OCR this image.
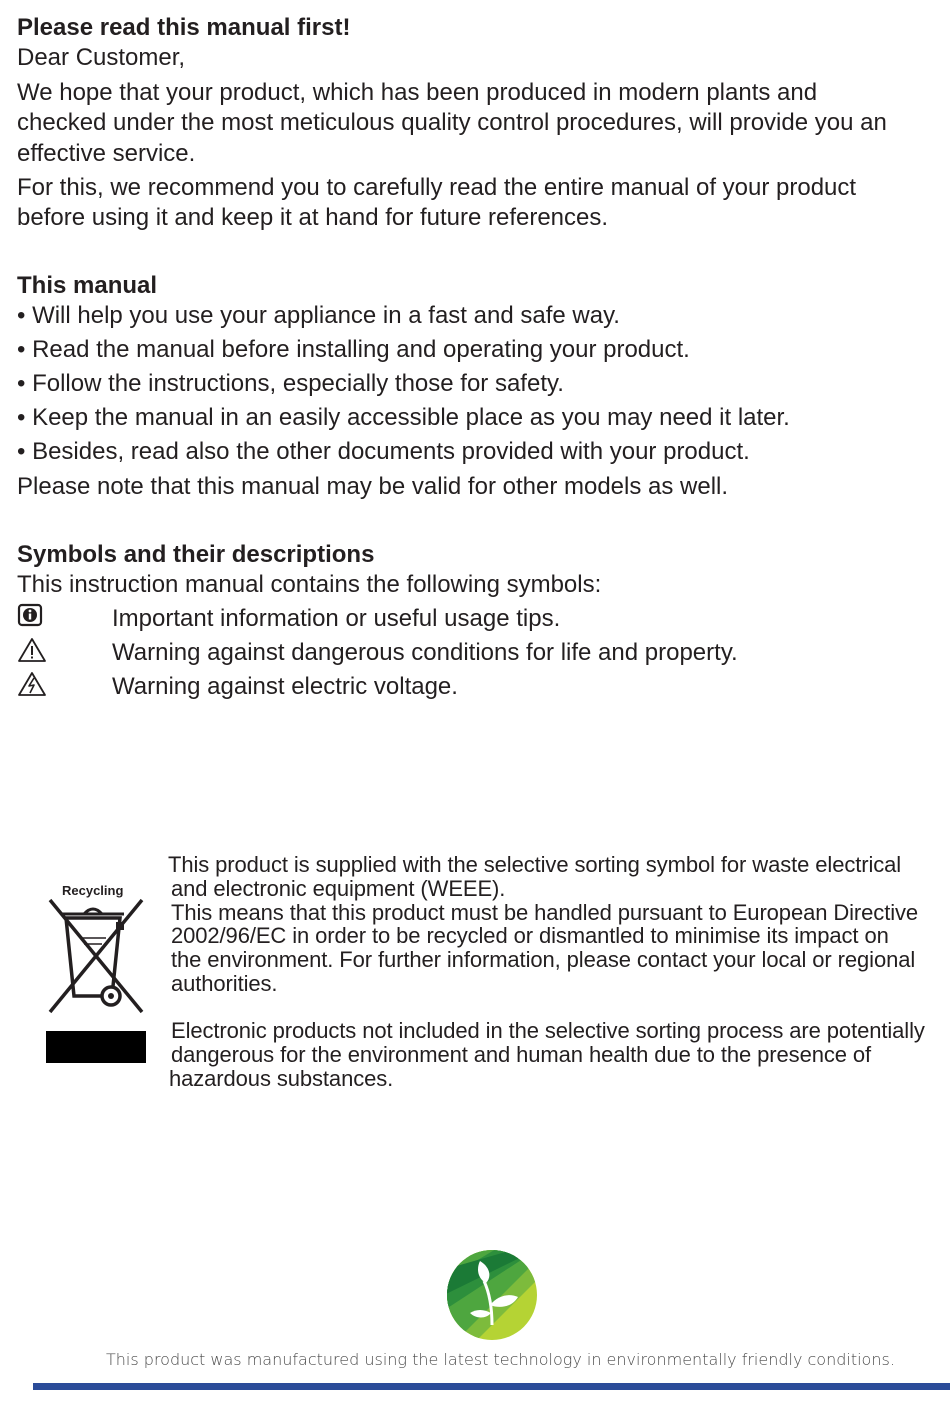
Please read this manual first!
Dear Customer,
We hope that your product, which has been produced in modern plants and
checked under the most meticulous quality control procedures, will provide you an
effective service.
For this, we recommend you to carefully read the entire manual of your product
before using it and keep it at hand for future references.
This manual
• Will help you use your appliance in a fast and safe way.
• Read the manual before installing and operating your product.
• Follow the instructions, especially those for safety.
• Keep the manual in an easily accessible place as you may need it later.
• Besides, read also the other documents provided with your product.
Please note that this manual may be valid for other models as well.
Symbols and their descriptions
This instruction manual contains the following symbols:
Important information or useful usage tips.
Warning against dangerous conditions for life and property.
Warning against electric voltage.
Recycling
This product is supplied with the selective sorting symbol for waste electrical
and electronic equipment (WEEE).
This means that this product must be handled pursuant to European Directive
2002/96/EC in order to be recycled or dismantled to minimise its impact on
the environment. For further information, please contact your local or regional
authorities.
Electronic products not included in the selective sorting process are potentially
dangerous for the environment and human health due to the presence of
hazardous substances.
This product was manufactured using the latest technology in environmentally friendly conditions.
